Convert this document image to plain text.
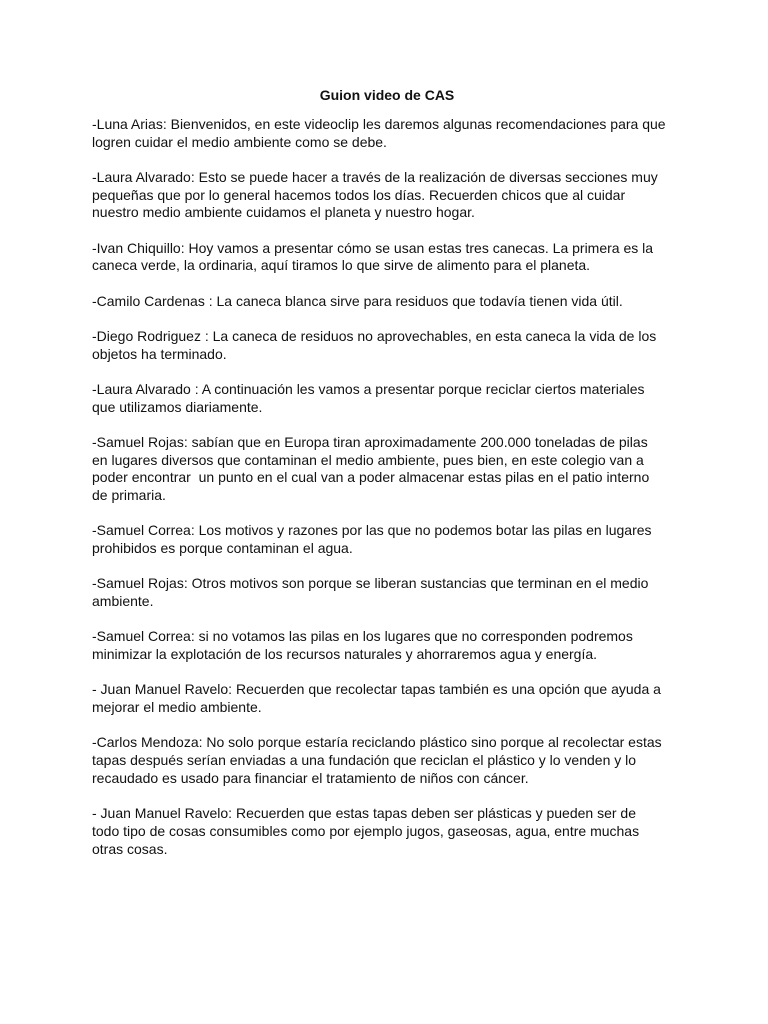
Guion video de CAS
-Luna Arias: Bienvenidos, en este videoclip les daremos algunas recomendaciones para que
logren cuidar el medio ambiente como se debe.
-Laura Alvarado: Esto se puede hacer a través de la realización de diversas secciones muy
pequeñas que por lo general hacemos todos los días. Recuerden chicos que al cuidar
nuestro medio ambiente cuidamos el planeta y nuestro hogar.
-Ivan Chiquillo: Hoy vamos a presentar cómo se usan estas tres canecas. La primera es la
caneca verde, la ordinaria, aquí tiramos lo que sirve de alimento para el planeta.
-Camilo Cardenas : La caneca blanca sirve para residuos que todavía tienen vida útil.
-Diego Rodriguez : La caneca de residuos no aprovechables, en esta caneca la vida de los
objetos ha terminado.
-Laura Alvarado : A continuación les vamos a presentar porque reciclar ciertos materiales
que utilizamos diariamente.
-Samuel Rojas: sabían que en Europa tiran aproximadamente 200.000 toneladas de pilas
en lugares diversos que contaminan el medio ambiente, pues bien, en este colegio van a
poder encontrar  un punto en el cual van a poder almacenar estas pilas en el patio interno
de primaria.
-Samuel Correa: Los motivos y razones por las que no podemos botar las pilas en lugares
prohibidos es porque contaminan el agua.
-Samuel Rojas: Otros motivos son porque se liberan sustancias que terminan en el medio
ambiente.
-Samuel Correa: si no votamos las pilas en los lugares que no corresponden podremos
minimizar la explotación de los recursos naturales y ahorraremos agua y energía.
- Juan Manuel Ravelo: Recuerden que recolectar tapas también es una opción que ayuda a
mejorar el medio ambiente.
-Carlos Mendoza: No solo porque estaría reciclando plástico sino porque al recolectar estas
tapas después serían enviadas a una fundación que reciclan el plástico y lo venden y lo
recaudado es usado para financiar el tratamiento de niños con cáncer.
- Juan Manuel Ravelo: Recuerden que estas tapas deben ser plásticas y pueden ser de
todo tipo de cosas consumibles como por ejemplo jugos, gaseosas, agua, entre muchas
otras cosas.
